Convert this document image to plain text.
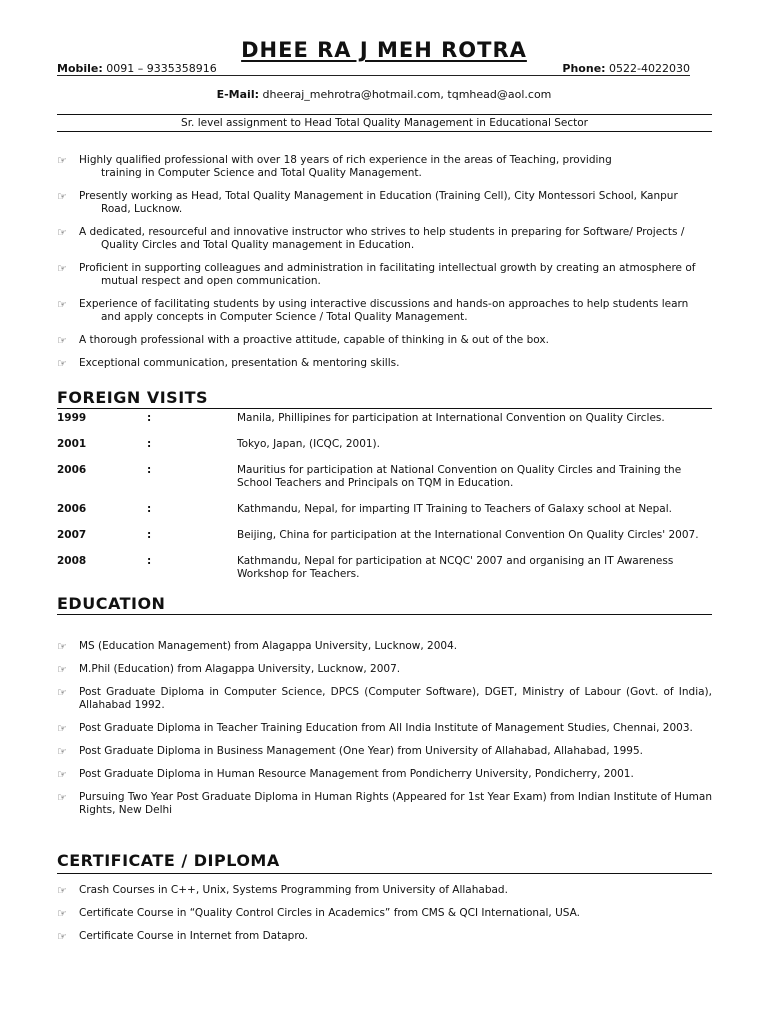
DHEE RA J MEH ROTRA
Mobile: 0091 – 9335358916	Phone: 0522-4022030
E-Mail: dheeraj_mehrotra@hotmail.com, tqmhead@aol.com
Sr. level assignment to Head Total Quality Management in Educational Sector
☞ Highly qualified professional with over 18 years of rich experience in the areas of Teaching, providing
training in Computer Science and Total Quality Management.
☞ Presently working as Head, Total Quality Management in Education (Training Cell), City Montessori School, Kanpur
Road, Lucknow.
☞ A dedicated, resourceful and innovative instructor who strives to help students in preparing for Software/ Projects /
Quality Circles and Total Quality management in Education.
☞ Proficient in supporting colleagues and administration in facilitating intellectual growth by creating an atmosphere of
mutual respect and open communication.
☞ Experience of facilitating students by using interactive discussions and hands-on approaches to help students learn
and apply concepts in Computer Science / Total Quality Management.
☞ A thorough professional with a proactive attitude, capable of thinking in & out of the box.
☞ Exceptional communication, presentation & mentoring skills.
FOREIGN VISITS
1999	:	Manila, Phillipines for participation at International Convention on Quality Circles.
2001	:	Tokyo, Japan, (ICQC, 2001).
2006	:	Mauritius for participation at National Convention on Quality Circles and Training the School Teachers and Principals on TQM in Education.
2006	:	Kathmandu, Nepal, for imparting IT Training to Teachers of Galaxy school at Nepal.
2007	:	Beijing, China for participation at the International Convention On Quality Circles' 2007.
2008	:	Kathmandu, Nepal for participation at NCQC' 2007 and organising an IT Awareness Workshop for Teachers.
EDUCATION
☞ MS (Education Management) from Alagappa University, Lucknow, 2004.
☞ M.Phil (Education) from Alagappa University, Lucknow, 2007.
☞ Post Graduate Diploma in Computer Science, DPCS (Computer Software), DGET, Ministry of Labour (Govt. of India), Allahabad 1992.
☞ Post Graduate Diploma in Teacher Training Education from All India Institute of Management Studies, Chennai, 2003.
☞ Post Graduate Diploma in Business Management (One Year) from University of Allahabad, Allahabad, 1995.
☞ Post Graduate Diploma in Human Resource Management from Pondicherry University, Pondicherry, 2001.
☞ Pursuing Two Year Post Graduate Diploma in Human Rights (Appeared for 1st Year Exam) from Indian Institute of Human Rights, New Delhi
CERTIFICATE / DIPLOMA
☞ Crash Courses in C++, Unix, Systems Programming from University of Allahabad.
☞ Certificate Course in “Quality Control Circles in Academics” from CMS & QCI International, USA.
☞ Certificate Course in Internet from Datapro.
